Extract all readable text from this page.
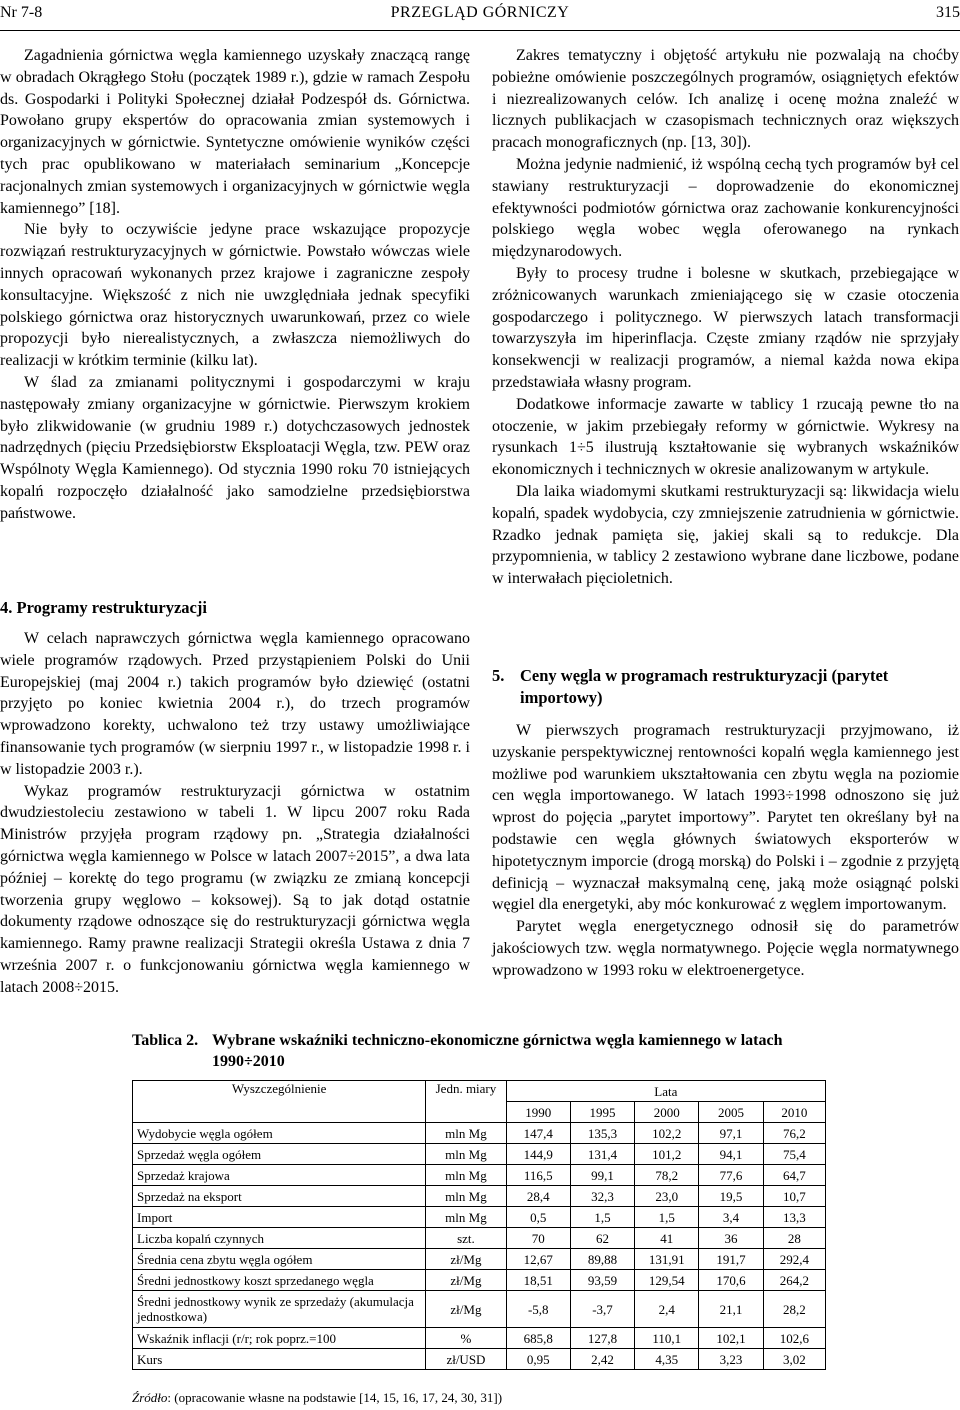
Nr 7-8	PRZEGLĄD GÓRNICZY	315

Zagadnienia górnictwa węgla kamiennego uzyskały znaczącą rangę w obradach Okrągłego Stołu (początek 1989 r.), gdzie w ramach Zespołu ds. Gospodarki i Polityki Społecznej działał Podzespół ds. Górnictwa. Powołano grupy ekspertów do opracowania zmian systemowych i organizacyjnych w górnictwie. Syntetyczne omówienie wyników części tych prac opublikowano w materiałach seminarium „Koncepcje racjonalnych zmian systemowych i organizacyjnych w górnictwie węgla kamiennego” [18].

Nie były to oczywiście jedyne prace wskazujące propozycje rozwiązań restrukturyzacyjnych w górnictwie. Powstało wówczas wiele innych opracowań wykonanych przez krajowe i zagraniczne zespoły konsultacyjne. Większość z nich nie uwzględniała jednak specyfiki polskiego górnictwa oraz historycznych uwarunkowań, przez co wiele propozycji było nierealistycznych, a zwłaszcza niemożliwych do realizacji w krótkim terminie (kilku lat).

W ślad za zmianami politycznymi i gospodarczymi w kraju następowały zmiany organizacyjne w górnictwie. Pierwszym krokiem było zlikwidowanie (w grudniu 1989 r.) dotychczasowych jednostek nadrzędnych (pięciu Przedsiębiorstw Eksploatacji Węgla, tzw. PEW oraz Wspólnoty Węgla Kamiennego). Od stycznia 1990 roku 70 istniejących kopalń rozpoczęło działalność jako samodzielne przedsiębiorstwa państwowe.

4. Programy restrukturyzacji

W celach naprawczych górnictwa węgla kamiennego opracowano wiele programów rządowych. Przed przystąpieniem Polski do Unii Europejskiej (maj 2004 r.) takich programów było dziewięć (ostatni przyjęto po koniec kwietnia 2004 r.), do trzech programów wprowadzono korekty, uchwalono też trzy ustawy umożliwiające finansowanie tych programów (w sierpniu 1997 r., w listopadzie 1998 r. i w listopadzie 2003 r.).

Wykaz programów restrukturyzacji górnictwa w ostatnim dwudziestoleciu zestawiono w tabeli 1. W lipcu 2007 roku Rada Ministrów przyjęła program rządowy pn. „Strategia działalności górnictwa węgla kamiennego w Polsce w latach 2007÷2015”, a dwa lata później – korektę do tego programu (w związku ze zmianą koncepcji tworzenia grupy węglowo – koksowej). Są to jak dotąd ostatnie dokumenty rządowe odnoszące się do restrukturyzacji górnictwa węgla kamiennego. Ramy prawne realizacji Strategii określa Ustawa z dnia 7 września 2007 r. o funkcjonowaniu górnictwa węgla kamiennego w latach 2008÷2015.

Zakres tematyczny i objętość artykułu nie pozwalają na choćby pobieżne omówienie poszczególnych programów, osiągniętych efektów i niezrealizowanych celów. Ich analizę i ocenę można znaleźć w licznych publikacjach w czasopismach technicznych oraz większych pracach monograficznych (np. [13, 30]).

Można jedynie nadmienić, iż wspólną cechą tych programów był cel stawiany restrukturyzacji – doprowadzenie do ekonomicznej efektywności podmiotów górnictwa oraz zachowanie konkurencyjności polskiego węgla wobec węgla oferowanego na rynkach międzynarodowych.

Były to procesy trudne i bolesne w skutkach, przebiegające w zróżnicowanych warunkach zmieniającego się w czasie otoczenia gospodarczego i politycznego. W pierwszych latach transformacji towarzyszyła im hiperinflacja. Częste zmiany rządów nie sprzyjały konsekwencji w realizacji programów, a niemal każda nowa ekipa przedstawiała własny program.

Dodatkowe informacje zawarte w tablicy 1 rzucają pewne tło na otoczenie, w jakim przebiegały reformy w górnictwie. Wykresy na rysunkach 1÷5 ilustrują kształtowanie się wybranych wskaźników ekonomicznych i technicznych w okresie analizowanym w artykule.

Dla laika wiadomymi skutkami restrukturyzacji są: likwidacja wielu kopalń, spadek wydobycia, czy zmniejszenie zatrudnienia w górnictwie. Rzadko jednak pamięta się, jakiej skali są to redukcje. Dla przypomnienia, w tablicy 2 zestawiono wybrane dane liczbowe, podane w interwałach pięcioletnich.

5. Ceny węgla w programach restrukturyzacji (parytet importowy)

W pierwszych programach restrukturyzacji przyjmowano, iż uzyskanie perspektywicznej rentowności kopalń węgla kamiennego jest możliwe pod warunkiem ukształtowania cen zbytu węgla na poziomie cen węgla importowanego. W latach 1993÷1998 odnoszono się już wprost do pojęcia „parytet importowy”. Parytet ten określany był na podstawie cen węgla głównych światowych eksporterów w hipotetycznym imporcie (drogą morską) do Polski i – zgodnie z przyjętą definicją – wyznaczał maksymalną cenę, jaką może osiągnąć polski węgiel dla energetyki, aby móc konkurować z węglem importowanym.

Parytet węgla energetycznego odnosił się do parametrów jakościowych tzw. węgla normatywnego. Pojęcie węgla normatywnego wprowadzono w 1993 roku w elektroenergetyce.

Tablica 2. Wybrane wskaźniki techniczno-ekonomiczne górnictwa węgla kamiennego w latach 1990÷2010
Wyszczególnienie	Jedn. miary	Lata				
		1990	1995	2000	2005	2010
Wydobycie węgla ogółem	mln Mg	147,4	135,3	102,2	97,1	76,2
Sprzedaż węgla ogółem	mln Mg	144,9	131,4	101,2	94,1	75,4
Sprzedaż krajowa	mln Mg	116,5	99,1	78,2	77,6	64,7
Sprzedaż na eksport	mln Mg	28,4	32,3	23,0	19,5	10,7
Import	mln Mg	0,5	1,5	1,5	3,4	13,3
Liczba kopalń czynnych	szt.	70	62	41	36	28
Średnia cena zbytu węgla ogółem	zł/Mg	12,67	89,88	131,91	191,7	292,4
Średni jednostkowy koszt sprzedanego węgla	zł/Mg	18,51	93,59	129,54	170,6	264,2
Średni jednostkowy wynik ze sprzedaży (akumulacja jednostkowa)	zł/Mg	-5,8	-3,7	2,4	21,1	28,2
Wskaźnik inflacji (r/r; rok poprz.=100	%	685,8	127,8	110,1	102,1	102,6
Kurs	zł/USD	0,95	2,42	4,35	3,23	3,02
Źródło: (opracowanie własne na podstawie [14, 15, 16, 17, 24, 30, 31])
